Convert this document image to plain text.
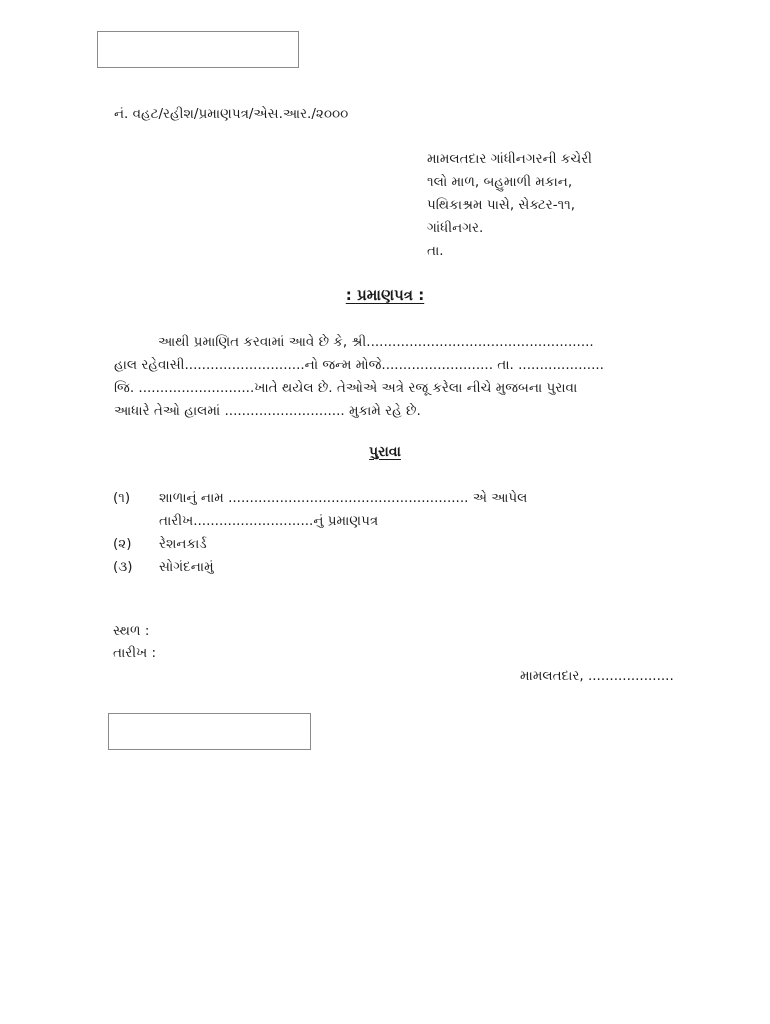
નં. વહટ/રહીશ/પ્રમાણપત્ર/એસ.આર./૨૦૦૦
મામલતદાર ગાંધીનગરની કચેરી
૧લો માળ, બહુમાળી મકાન,
પથિકાશ્રમ પાસે, સેક્ટર-૧૧,
ગાંધીનગર.
તા.
: પ્રમાણપત્ર :
આથી પ્રમાણિત કરવામાં આવે છે કે, શ્રી.....................................................
હાલ રહેવાસી............................નો જન્મ મોજે.......................... તા. ....................
જિ. ...........................ખાતે થયેલ છે. તેઓએ અત્રે રજૂ કરેલા નીચે મુજબના પુરાવા
આધારે તેઓ હાલમાં ............................ મુકામે રહે છે.
પુરાવા
(૧) શાળાનું નામ ........................................................ એ આપેલ
તારીખ............................નું પ્રમાણપત્ર
(૨) રેશનકાર્ડ
(૩) સોગંદનામું
સ્થળ :
તારીખ :
મામલતદાર, ....................
